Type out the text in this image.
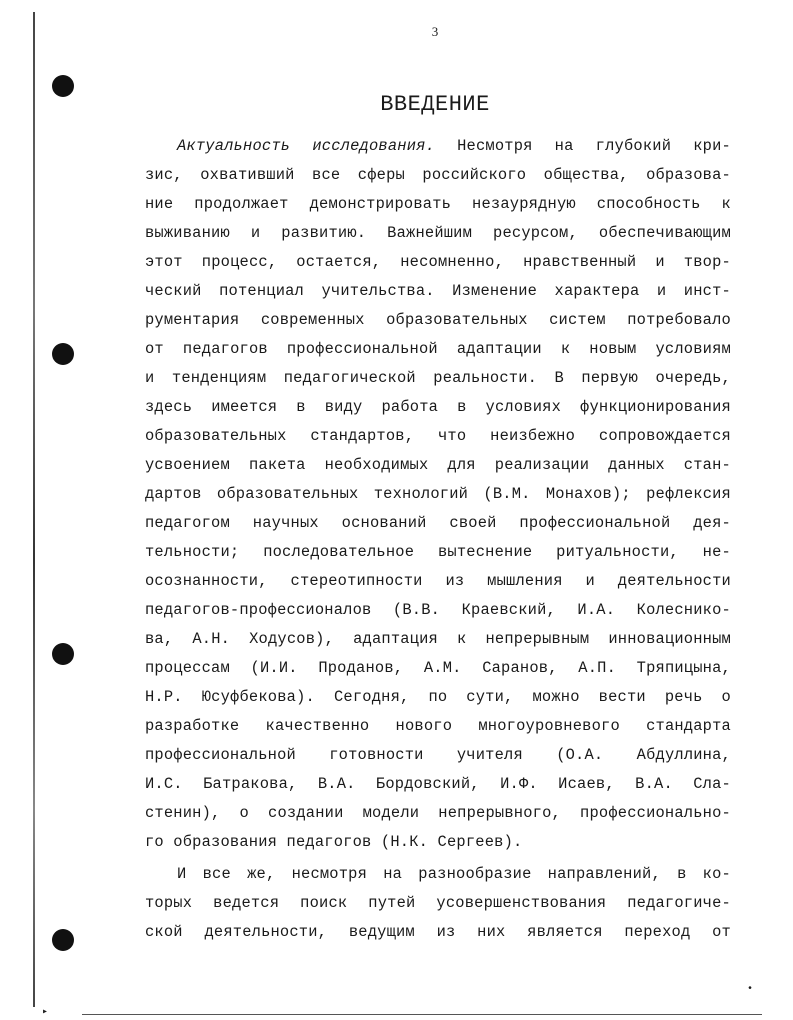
3
ВВЕДЕНИЕ
Актуальность исследования. Несмотря на глубокий кри-
зис, охвативший все сферы российского общества, образова-
ние продолжает демонстрировать незаурядную способность к
выживанию и развитию. Важнейшим ресурсом, обеспечивающим
этот процесс, остается, несомненно, нравственный и твор-
ческий потенциал учительства. Изменение характера и инст-
рументария современных образовательных систем потребовало
от педагогов профессиональной адаптации к новым условиям
и тенденциям педагогической реальности. В первую очередь,
здесь имеется в виду работа в условиях функционирования
образовательных стандартов, что неизбежно сопровождается
усвоением пакета необходимых для реализации данных стан-
дартов образовательных технологий (В.М. Монахов); рефлексия
педагогом научных оснований своей профессиональной дея-
тельности; последовательное вытеснение ритуальности, не-
осознанности, стереотипности из мышления и деятельности
педагогов-профессионалов (В.В. Краевский, И.А. Колеснико-
ва, А.Н. Ходусов), адаптация к непрерывным инновационным
процессам (И.И. Проданов, А.М. Саранов, А.П. Тряпицына,
Н.Р. Юсуфбекова). Сегодня, по сути, можно вести речь о
разработке качественно нового многоуровневого стандарта
профессиональной готовности учителя (О.А. Абдуллина,
И.С. Батракова, В.А. Бордовский, И.Ф. Исаев, В.А. Сла-
стенин), о создании модели непрерывного, профессионально-
го образования педагогов (Н.К. Сергеев).
И все же, несмотря на разнообразие направлений, в ко-
торых ведется поиск путей усовершенствования педагогиче-
ской деятельности, ведущим из них является переход от
•
▸
